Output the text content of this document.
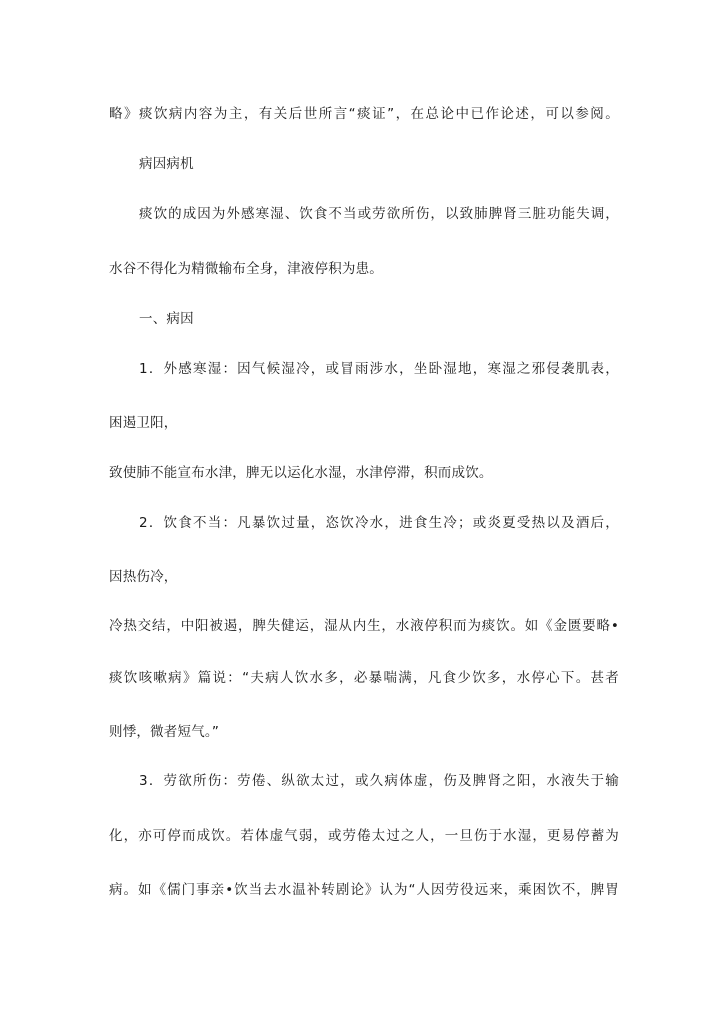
略》痰饮病内容为主，有关后世所言“痰证”，在总论中已作论述，可以参阅。
病因病机
痰饮的成因为外感寒湿、饮食不当或劳欲所伤，以致肺脾肾三脏功能失调，
水谷不得化为精微输布全身，津液停积为患。
一、病因
1．外感寒湿：因气候湿冷，或冒雨涉水，坐卧湿地，寒湿之邪侵袭肌表，
困遏卫阳，
致使肺不能宣布水津，脾无以运化水湿，水津停滞，积而成饮。
2．饮食不当：凡暴饮过量，恣饮冷水，进食生冷；或炎夏受热以及酒后，
因热伤冷，
冷热交结，中阳被遏，脾失健运，湿从内生，水液停积而为痰饮。如《金匮要略•
痰饮咳嗽病》篇说：“夫病人饮水多，必暴喘满，凡食少饮多，水停心下。甚者
则悸，微者短气。”
3．劳欲所伤：劳倦、纵欲太过，或久病体虚，伤及脾肾之阳，水液失于输
化，亦可停而成饮。若体虚气弱，或劳倦太过之人，一旦伤于水湿，更易停蓄为
病。如《儒门事亲•饮当去水温补转剧论》认为“人因劳役远来，乘困饮不，脾胃
